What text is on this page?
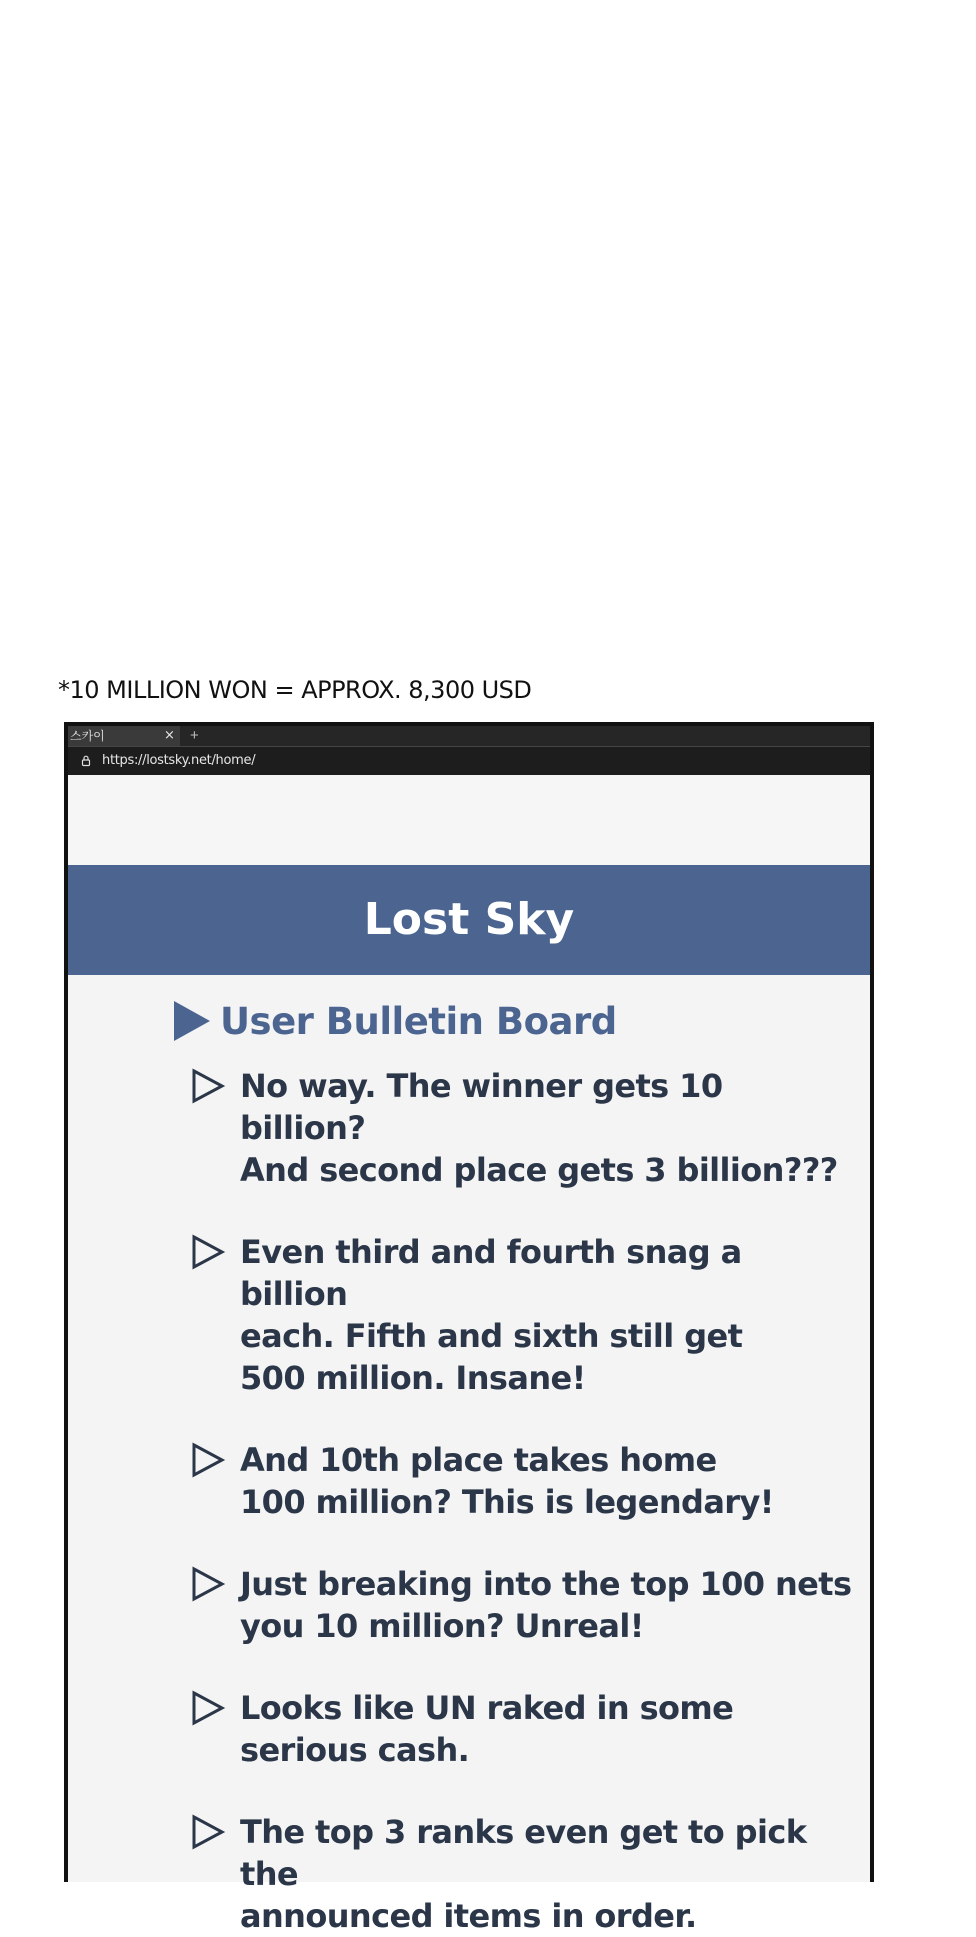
*10 MILLION WON = APPROX. 8,300 USD
스카이	× +
https://lostsky.net/home/
Lost Sky
User Bulletin Board
No way. The winner gets 10 billion?
And second place gets 3 billion???
Even third and fourth snag a billion
each. Fifth and sixth still get
500 million. Insane!
And 10th place takes home
100 million? This is legendary!
Just breaking into the top 100 nets
you 10 million? Unreal!
Looks like UN raked in some
serious cash.
The top 3 ranks even get to pick the
announced items in order.
